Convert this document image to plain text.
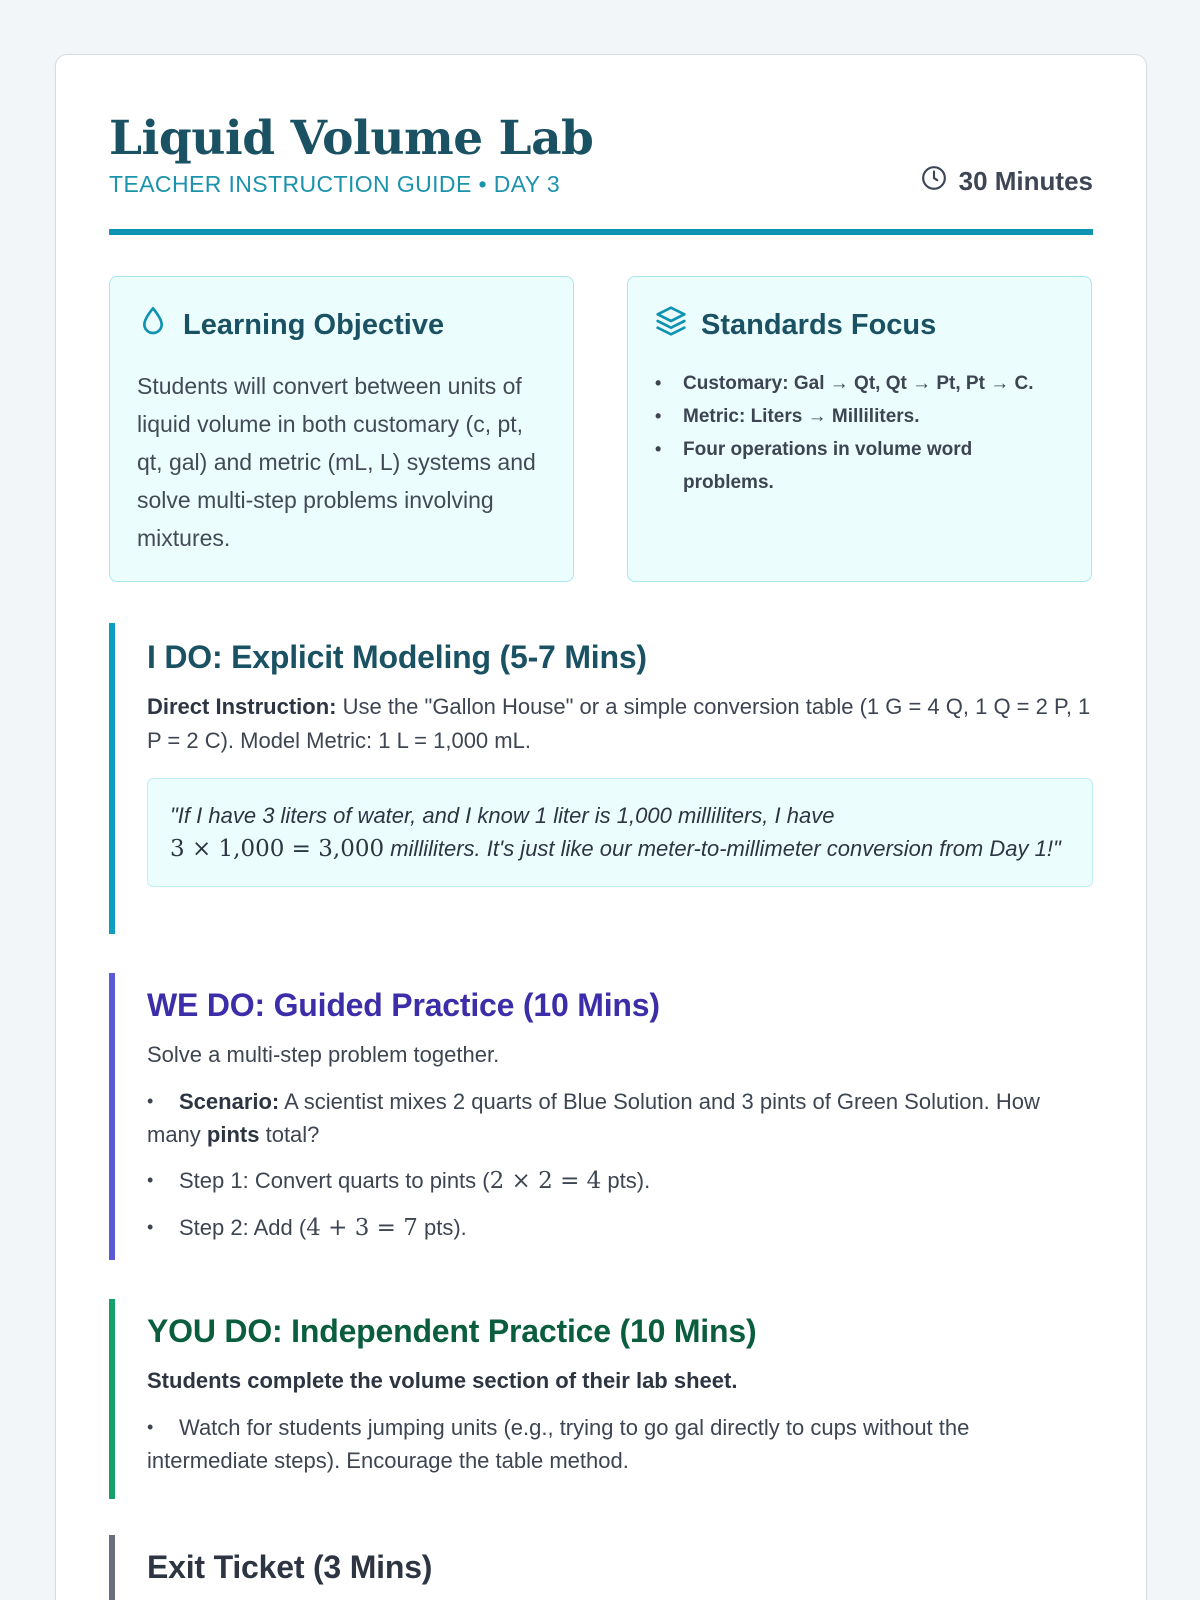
Liquid Volume Lab
TEACHER INSTRUCTION GUIDE • DAY 3	30 Minutes
Learning Objective

Students will convert between units of liquid volume in both customary (c, pt, qt, gal) and metric (mL, L) systems and solve multi-step problems involving mixtures.

Standards Focus
• Customary: Gal → Qt, Qt → Pt, Pt → C.
• Metric: Liters → Milliliters.
• Four operations in volume word problems.
I DO: Explicit Modeling (5-7 Mins)

Direct Instruction: Use the "Gallon House" or a simple conversion table (1 G = 4 Q, 1 Q = 2 P, 1 P = 2 C). Model Metric: 1 L = 1,000 mL.

"If I have 3 liters of water, and I know 1 liter is 1,000 milliliters, I have
3 × 1,000 = 3,000 milliliters. It's just like our meter-to-millimeter conversion from Day 1!"
WE DO: Guided Practice (10 Mins)

Solve a multi-step problem together.

• Scenario: A scientist mixes 2 quarts of Blue Solution and 3 pints of Green Solution. How many pints total?
• Step 1: Convert quarts to pints (2 × 2 = 4 pts).
• Step 2: Add (4 + 3 = 7 pts).
YOU DO: Independent Practice (10 Mins)

Students complete the volume section of their lab sheet.

• Watch for students jumping units (e.g., trying to go gal directly to cups without the intermediate steps). Encourage the table method.
Exit Ticket (3 Mins)
